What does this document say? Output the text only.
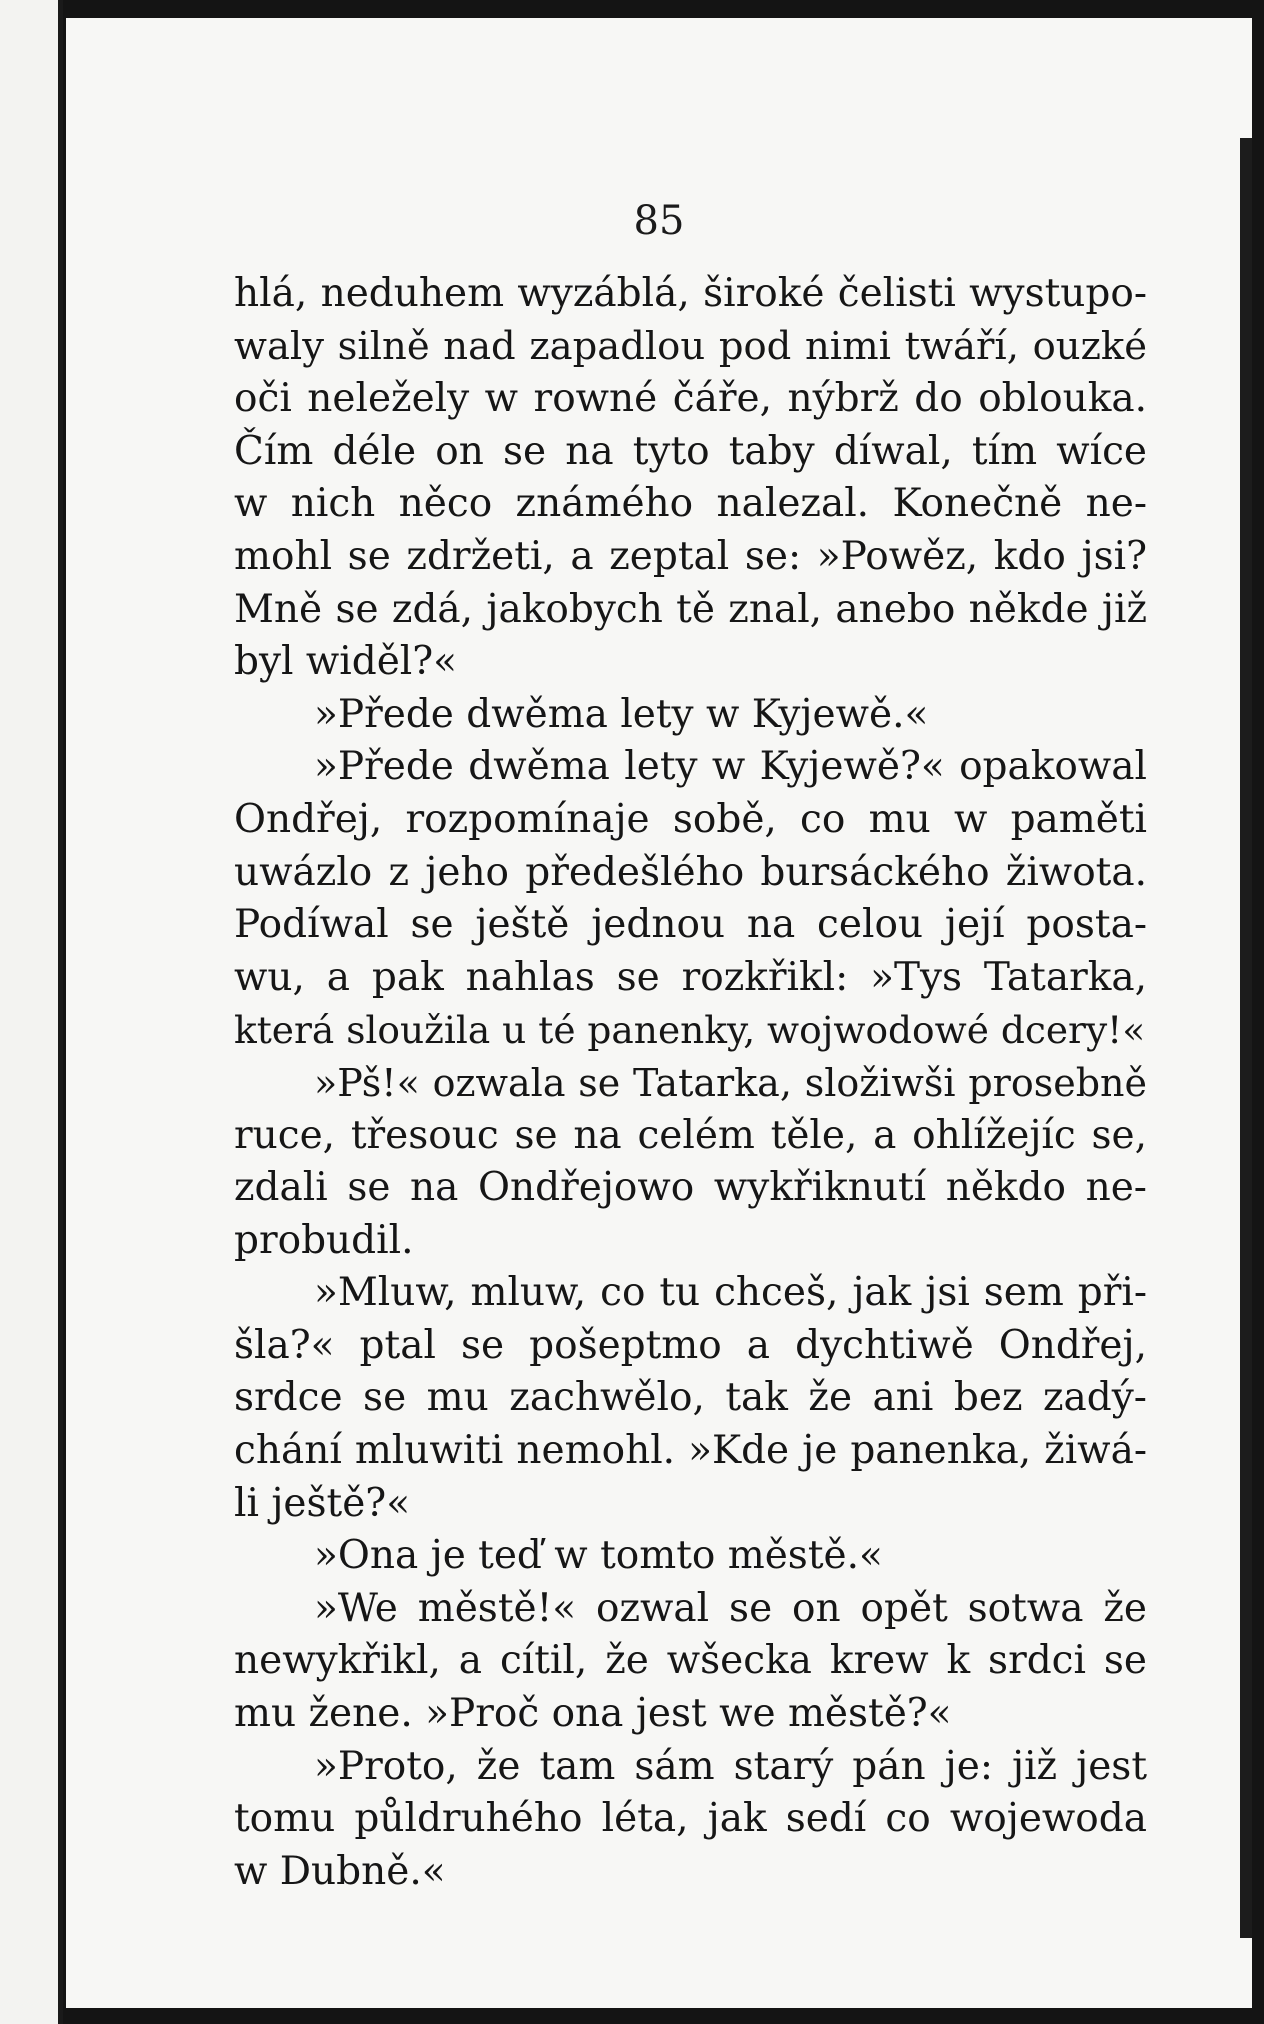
85
hlá, neduhem wyzáblá, široké čelisti wystupo-
waly silně nad zapadlou pod nimi twáří, ouzké
oči neležely w rowné čáře, nýbrž do oblouka.
Čím déle on se na tyto taby díwal, tím wíce
w nich něco známého nalezal. Konečně ne-
mohl se zdržeti, a zeptal se: »Powěz, kdo jsi?
Mně se zdá, jakobych tě znal, anebo někde již
byl widěl?«
»Přede dwěma lety w Kyjewě.«
»Přede dwěma lety w Kyjewě?« opakowal
Ondřej, rozpomínaje sobě, co mu w paměti
uwázlo z jeho předešlého bursáckého žiwota.
Podíwal se ještě jednou na celou její posta-
wu, a pak nahlas se rozkřikl: »Tys Tatarka,
která sloužila u té panenky, wojwodowé dcery!«
»Pš!« ozwala se Tatarka, složiwši prosebně
ruce, třesouc se na celém těle, a ohlížejíc se,
zdali se na Ondřejowo wykřiknutí někdo ne-
probudil.
»Mluw, mluw, co tu chceš, jak jsi sem při-
šla?« ptal se pošeptmo a dychtiwě Ondřej,
srdce se mu zachwělo, tak že ani bez zadý-
chání mluwiti nemohl. »Kde je panenka, žiwá-
li ještě?«
»Ona je teď w tomto městě.«
»We městě!« ozwal se on opět sotwa že
newykřikl, a cítil, že wšecka krew k srdci se
mu žene. »Proč ona jest we městě?«
»Proto, že tam sám starý pán je: již jest
tomu půldruhého léta, jak sedí co wojewoda
w Dubně.«
